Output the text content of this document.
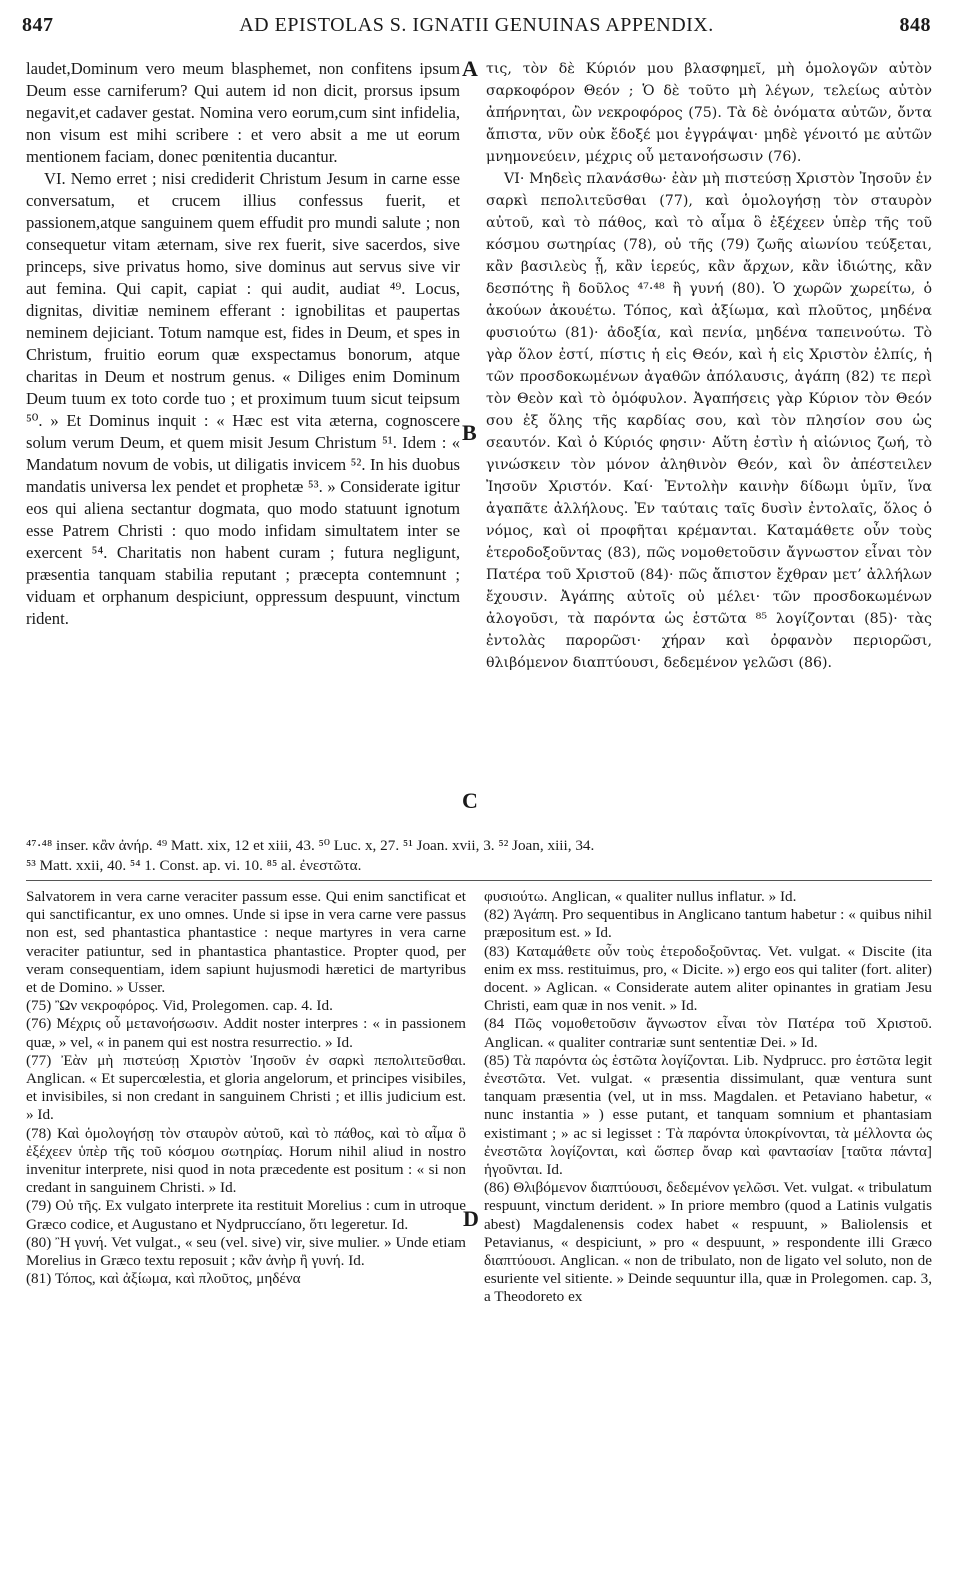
847	AD EPISTOLAS S. IGNATII GENUINAS APPENDIX.	848

laudet,Dominum vero meum blasphemet, non confitens ipsum Deum esse carniferum? Qui autem id non dicit, prorsus ipsum negavit,et cadaver gestat. Nomina vero eorum,cum sint infidelia, non visum est mihi scribere : et vero absit a me ut eorum mentionem faciam, donec pœnitentia ducantur.

VI. Nemo erret ; nisi crediderit Christum Jesum in carne esse conversatum, et crucem illius confessus fuerit, et passionem,atque sanguinem quem effudit pro mundi salute ; non consequetur vitam æternam, sive rex fuerit, sive sacerdos, sive princeps, sive privatus homo, sive dominus aut servus sive vir aut femina. Qui capit, capiat : qui audit, audiat ⁴⁹. Locus, dignitas, divitiæ neminem efferant : ignobilitas et paupertas neminem dejiciant. Totum namque est, fides in Deum, et spes in Christum, fruitio eorum quæ exspectamus bonorum, atque charitas in Deum et nostrum genus. « Diliges enim Dominum Deum tuum ex toto corde tuo ; et proximum tuum sicut teipsum ⁵⁰. » Et Dominus inquit : « Hæc est vita æterna, cognoscere solum verum Deum, et quem misit Jesum Christum ⁵¹. Idem : « Mandatum novum de vobis, ut diligatis invicem ⁵². In his duobus mandatis universa lex pendet et prophetæ ⁵³. » Considerate igitur eos qui aliena sectantur dogmata, quo modo statuunt ignotum esse Patrem Christi : quo modo infidam simultatem inter se exercent ⁵⁴. Charitatis non habent curam ; futura negligunt, præsentia tanquam stabilia reputant ; præcepta contemnunt ; viduam et orphanum despiciunt, oppressum despuunt, vinctum rident.

A
B
C
D

τις, τὸν δὲ Κύριόν μου βλασφημεῖ, μὴ ὁμολογῶν αὐτὸν σαρκοφόρον Θεόν ; Ὁ δὲ τοῦτο μὴ λέγων, τελείως αὐτὸν ἀπήρνηται, ὢν νεκροφόρος (75). Τὰ δὲ ὀνόματα αὐτῶν, ὄντα ἄπιστα, νῦν οὐκ ἔδοξέ μοι ἐγγράψαι· μηδὲ γένοιτό με αὐτῶν μνημονεύειν, μέχρις οὗ μετανοήσωσιν (76).

VI· Μηδεὶς πλανάσθω· ἐὰν μὴ πιστεύσῃ Χριστὸν Ἰησοῦν ἐν σαρκὶ πεπολιτεῦσθαι (77), καὶ ὁμολογήσῃ τὸν σταυρὸν αὐτοῦ, καὶ τὸ πάθος, καὶ τὸ αἷμα ὃ ἐξέχεεν ὑπὲρ τῆς τοῦ κόσμου σωτηρίας (78), οὐ τῆς (79) ζωῆς αἰωνίου τεύξεται, κἂν βασιλεὺς ᾖ, κἂν ἱερεύς, κἂν ἄρχων, κἂν ἰδιώτης, κἂν δεσπότης ἢ δοῦλος ⁴⁷·⁴⁸ ἢ γυνή (80). Ὁ χωρῶν χωρείτω, ὁ ἀκούων ἀκουέτω. Τόπος, καὶ ἀξίωμα, καὶ πλοῦτος, μηδένα φυσιούτω (81)· ἀδοξία, καὶ πενία, μηδένα ταπεινούτω. Τὸ γὰρ ὅλον ἐστί, πίστις ἡ εἰς Θεόν, καὶ ἡ εἰς Χριστὸν ἐλπίς, ἡ τῶν προσδοκωμένων ἀγαθῶν ἀπόλαυσις, ἀγάπη (82) τε περὶ τὸν Θεὸν καὶ τὸ ὁμόφυλον. Ἀγαπήσεις γὰρ Κύριον τὸν Θεόν σου ἐξ ὅλης τῆς καρδίας σου, καὶ τὸν πλησίον σου ὡς σεαυτόν. Καὶ ὁ Κύριός φησιν· Αὕτη ἐστὶν ἡ αἰώνιος ζωή, τὸ γινώσκειν τὸν μόνον ἀληθινὸν Θεόν, καὶ ὃν ἀπέστειλεν Ἰησοῦν Χριστόν. Καί· Ἐντολὴν καινὴν δίδωμι ὑμῖν, ἵνα ἀγαπᾶτε ἀλλήλους. Ἐν ταύταις ταῖς δυσὶν ἐντολαῖς, ὅλος ὁ νόμος, καὶ οἱ προφῆται κρέμανται. Καταμάθετε οὖν τοὺς ἑτεροδοξοῦντας (83), πῶς νομοθετοῦσιν ἄγνωστον εἶναι τὸν Πατέρα τοῦ Χριστοῦ (84)· πῶς ἄπιστον ἔχθραν μετ’ ἀλλήλων ἔχουσιν. Ἀγάπης αὐτοῖς οὐ μέλει· τῶν προσδοκωμένων ἀλογοῦσι, τὰ παρόντα ὡς ἑστῶτα ⁸⁵ λογίζονται (85)· τὰς ἐντολὰς παρορῶσι· χήραν καὶ ὀρφανὸν περιορῶσι, θλιβόμενον διαπτύουσι, δεδεμένον γελῶσι (86).

⁴⁷·⁴⁸ inser. κἂν ἀνήρ. ⁴⁹ Matt. xix, 12 et xiii, 43. ⁵⁰ Luc. x, 27. ⁵¹ Joan. xvii, 3. ⁵² Joan, xiii, 34.

⁵³ Matt. xxii, 40. ⁵⁴ 1. Const. ap. vi. 10. ⁸⁵ al. ἐνεστῶτα.

Salvatorem in vera carne veraciter passum esse. Qui enim sanctificat et qui sanctificantur, ex uno omnes. Unde si ipse in vera carne vere passus non est, sed phantastica phantastice : neque martyres in vera carne veraciter patiuntur, sed in phantastica phantastice. Propter quod, per veram consequentiam, idem sapiunt hujusmodi hæretici de martyribus et de Domino. » Usser.

(75) Ὢν νεκροφόρος. Vid, Prolegomen. cap. 4. Id.

(76) Μέχρις οὗ μετανοήσωσιν. Addit noster interpres : « in passionem quæ, » vel, « in panem qui est nostra resurrectio. » Id.

(77) Ἐὰν μὴ πιστεύσῃ Χριστὸν Ἰησοῦν ἐν σαρκὶ πεπολιτεῦσθαι. Anglican. « Et supercœlestia, et gloria angelorum, et principes visibiles, et invisibiles, si non credant in sanguinem Christi ; et illis judicium est. » Id.

(78) Καὶ ὁμολογήσῃ τὸν σταυρὸν αὐτοῦ, καὶ τὸ πάθος, καὶ τὸ αἷμα ὃ ἐξέχεεν ὑπὲρ τῆς τοῦ κόσμου σωτηρίας. Horum nihil aliud in nostro invenitur interprete, nisi quod in nota præcedente est positum : « si non credant in sanguinem Christi. » Id.

(79) Οὐ τῆς. Ex vulgato interprete ita restituit Morelius : cum in utroque Græco codice, et Augustano et Nydpruccíano, ὅτι legeretur. Id.

(80) Ἢ γυνή. Vet vulgat., « seu (vel. sive) vir, sive mulier. » Unde etiam Morelius in Græco textu reposuit ; κἂν ἀνὴρ ἢ γυνή. Id.

(81) Τόπος, καὶ ἀξίωμα, καὶ πλοῦτος, μηδένα

φυσιούτω. Anglican, « qualiter nullus inflatur. » Id.

(82) Ἀγάπη. Pro sequentibus in Anglicano tantum habetur : « quibus nihil præpositum est. » Id.

(83) Καταμάθετε οὖν τοὺς ἑτεροδοξοῦντας. Vet. vulgat. « Discite (ita enim ex mss. restituimus, pro, « Dicite. ») ergo eos qui taliter (fort. aliter) docent. » Aglican. « Considerate autem aliter opinantes in gratiam Jesu Christi, eam quæ in nos venit. » Id.

(84 Πῶς νομοθετοῦσιν ἄγνωστον εἶναι τὸν Πατέρα τοῦ Χριστοῦ. Anglican. « qualiter contrariæ sunt sententiæ Dei. » Id.

(85) Τὰ παρόντα ὡς ἑστῶτα λογίζονται. Lib. Nydprucc. pro ἑστῶτα legit ἐνεστῶτα. Vet. vulgat. « præsentia dissimulant, quæ ventura sunt tanquam præsentia (vel, ut in mss. Magdalen. et Petaviano habetur, « nunc instantia » ) esse putant, et tanquam somnium et phantasiam existimant ; » ac si legisset : Τὰ παρόντα ὑποκρίνονται, τὰ μέλλοντα ὡς ἐνεστῶτα λογίζονται, καὶ ὥσπερ ὄναρ καὶ φαντασίαν [ταῦτα πάντα] ἡγοῦνται. Id.

(86) Θλιβόμενον διαπτύουσι, δεδεμένον γελῶσι. Vet. vulgat. « tribulatum respuunt, vinctum derident. » In priore membro (quod a Latinis vulgatis abest) Magdalenensis codex habet « respuunt, » Baliolensis et Petavianus, « despiciunt, » pro « despuunt, » respondente illi Græco διαπτύουσι. Anglican. « non de tribulato, non de ligato vel soluto, non de esuriente vel sitiente. » Deinde sequuntur illa, quæ in Prolegomen. cap. 3, a Theodoreto ex
